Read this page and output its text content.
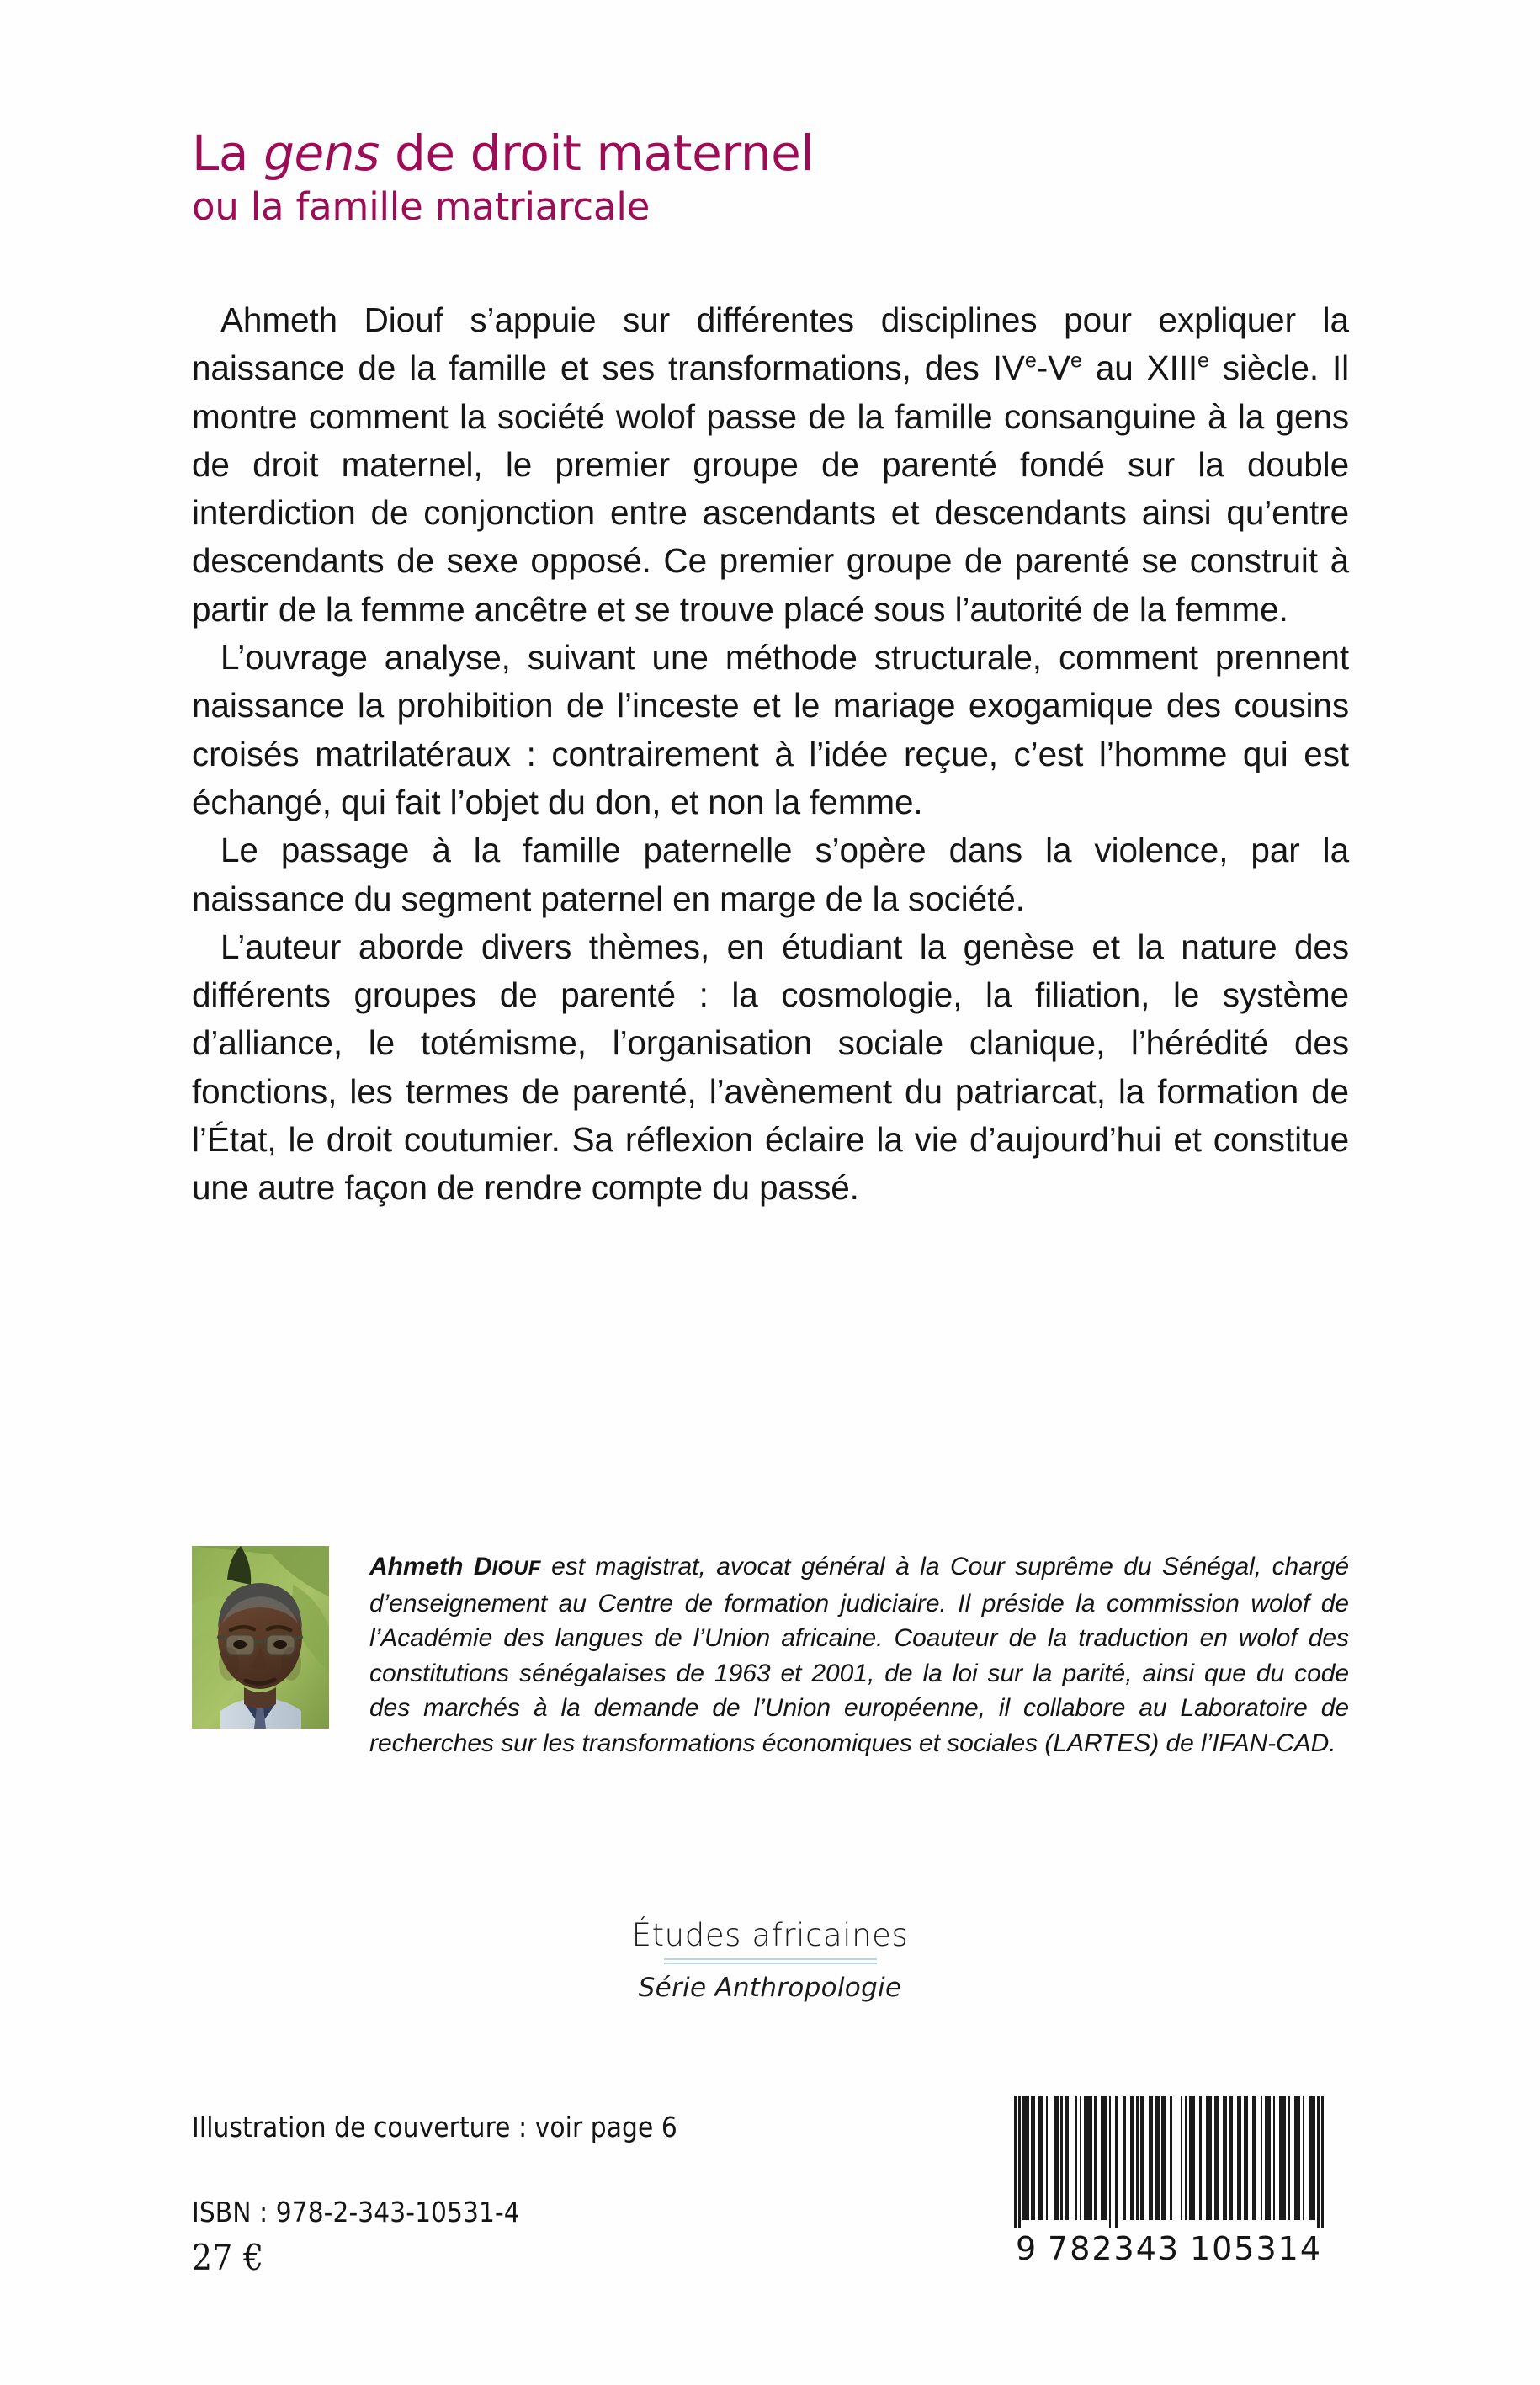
La gens de droit maternel
ou la famille matriarcale

Ahmeth Diouf s’appuie sur différentes disciplines pour expliquer la naissance de la famille et ses transformations, des IVe-Ve au XIIIe siècle. Il montre comment la société wolof passe de la famille consanguine à la gens de droit maternel, le premier groupe de parenté fondé sur la double interdiction de conjonction entre ascendants et descendants ainsi qu’entre descendants de sexe opposé. Ce premier groupe de parenté se construit à partir de la femme ancêtre et se trouve placé sous l’autorité de la femme.

L’ouvrage analyse, suivant une méthode structurale, comment prennent naissance la prohibition de l’inceste et le mariage exogamique des cousins croisés matrilatéraux : contrairement à l’idée reçue, c’est l’homme qui est échangé, qui fait l’objet du don, et non la femme.

Le passage à la famille paternelle s’opère dans la violence, par la naissance du segment paternel en marge de la société.

L’auteur aborde divers thèmes, en étudiant la genèse et la nature des différents groupes de parenté : la cosmologie, la filiation, le système d’alliance, le totémisme, l’organisation sociale clanique, l’hérédité des fonctions, les termes de parenté, l’avènement du patriarcat, la formation de l’État, le droit coutumier. Sa réflexion éclaire la vie d’aujourd’hui et constitue une autre façon de rendre compte du passé.

Ahmeth DIOUF est magistrat, avocat général à la Cour suprême du Sénégal, chargé d’enseignement au Centre de formation judiciaire. Il préside la commission wolof de l’Académie des langues de l’Union africaine. Coauteur de la traduction en wolof des constitutions sénégalaises de 1963 et 2001, de la loi sur la parité, ainsi que du code des marchés à la demande de l’Union européenne, il collabore au Laboratoire de recherches sur les transformations économiques et sociales (LARTES) de l’IFAN-CAD.
Études africaines
Série Anthropologie
Illustration de couverture : voir page 6
ISBN : 978-2-343-10531-4
27 €	9 782343 105314
